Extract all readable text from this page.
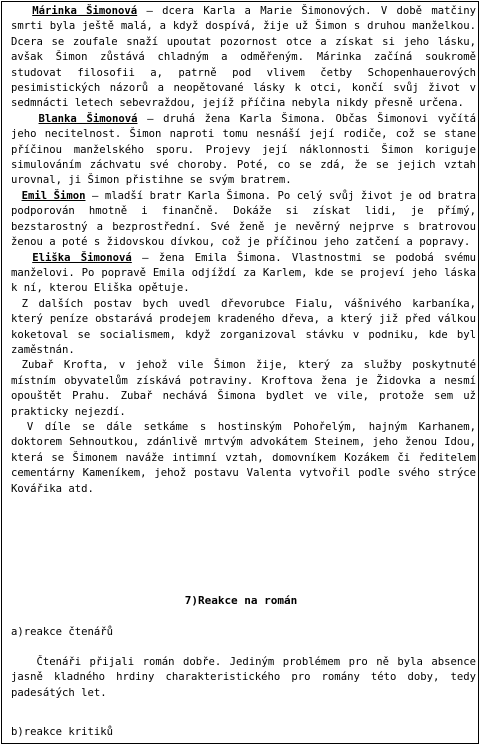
Márinka Šimonová – dcera Karla a Marie Šimonových. V době matčiny smrti byla ještě malá, a když dospívá, žije už Šimon s druhou manželkou. Dcera se zoufale snaží upoutat pozornost otce a získat si jeho lásku, avšak Šimon zůstává chladným a odměřeným. Márinka začíná soukromě studovat filosofii a, patrně pod vlivem četby Schopenhauerových pesimistických názorů a neopětované lásky k otci, končí svůj život v sedmnácti letech sebevraždou, jejíž příčina nebyla nikdy přesně určena.

Blanka Šimonová – druhá žena Karla Šimona. Občas Šimonovi vyčítá jeho necitelnost. Šimon naproti tomu nesnáší její rodiče, což se stane příčinou manželského sporu. Projevy její náklonnosti Šimon koriguje simulováním záchvatu své choroby. Poté, co se zdá, že se jejich vztah urovnal, ji Šimon přistihne se svým bratrem.

Emil Šimon – mladší bratr Karla Šimona. Po celý svůj život je od bratra podporován hmotně i finančně. Dokáže si získat lidi, je přímý, bezstarostný a bezprostřední. Své ženě je nevěrný nejprve s bratrovou ženou a poté s židovskou dívkou, což je příčinou jeho zatčení a popravy.

Eliška Šimonová – žena Emila Šimona. Vlastnostmi se podobá svému manželovi. Po popravě Emila odjíždí za Karlem, kde se projeví jeho láska k ní, kterou Eliška opětuje.

Z dalších postav bych uvedl dřevorubce Fialu, vášnivého karbaníka, který peníze obstarává prodejem kradeného dřeva, a který již před válkou koketoval se socialismem, když zorganizoval stávku v podniku, kde byl zaměstnán.

Zubař Krofta, v jehož vile Šimon žije, který za služby poskytnuté místním obyvatelům získává potraviny. Kroftova žena je Židovka a nesmí opouštět Prahu. Zubař nechává Šimona bydlet ve vile, protože sem už prakticky nejezdí.

V díle se dále setkáme s hostinským Pohořelým, hajným Karhanem, doktorem Sehnoutkou, zdánlivě mrtvým advokátem Steinem, jeho ženou Idou, která se Šimonem naváže intimní vztah, domovníkem Kozákem či ředitelem cementárny Kameníkem, jehož postavu Valenta vytvořil podle svého strýce Kovářika atd.

7)Reakce na román

a)reakce čtenářů

Čtenáři přijali román dobře. Jediným problémem pro ně byla absence jasně kladného hrdiny charakteristického pro romány této doby, tedy padesátých let.

b)reakce kritiků
